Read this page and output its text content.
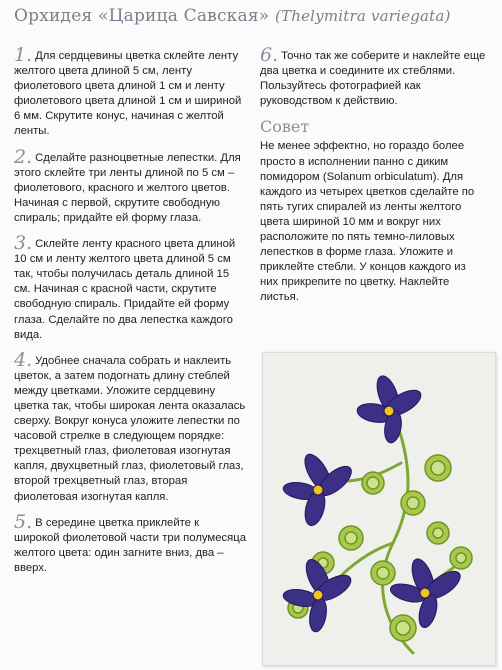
Орхидея «Царица Савская» (Thelymitra variegata)

1. Для сердцевины цветка склейте ленту желтого цвета длиной 5 см, ленту фиолетового цвета длиной 1 см и ленту фиолетового цвета длиной 1 см и шириной 6 мм. Скрутите конус, начиная с желтой ленты.

2. Сделайте разноцветные лепестки. Для этого склейте три ленты длиной по 5 см – фиолетового, красного и желтого цветов. Начиная с первой, скрутите свободную спираль; придайте ей форму глаза.

3. Склейте ленту красного цвета длиной 10 см и ленту желтого цвета длиной 5 см так, чтобы получилась деталь длиной 15 см. Начиная с красной части, скрутите свободную спираль. Придайте ей форму глаза. Сделайте по два лепестка каждого вида.

4. Удобнее сначала собрать и наклеить цветок, а затем подогнать длину стеблей между цветками. Уложите сердцевину цветка так, чтобы широкая лента оказалась сверху. Вокруг конуса уложите лепестки по часовой стрелке в следующем порядке: трехцветный глаз, фиолетовая изогнутая капля, двухцветный глаз, фиолетовый глаз, второй трехцветный глаз, вторая фиолетовая изогнутая капля.

5. В середине цветка приклейте к широкой фиолетовой части три полумесяца желтого цвета: один загните вниз, два – вверх.

6. Точно так же соберите и наклейте еще два цветка и соедините их стеблями. Пользуйтесь фотографией как руководством к действию.

Совет

Не менее эффектно, но гораздо более просто в исполнении панно с диким помидором (Solanum orbiculatum). Для каждого из четырех цветков сделайте по пять тугих спиралей из ленты желтого цвета шириной 10 мм и вокруг них расположите по пять темно-лиловых лепестков в форме глаза. Уложите и приклейте стебли. У концов каждого из них прикрепите по цветку. Наклейте листья.
